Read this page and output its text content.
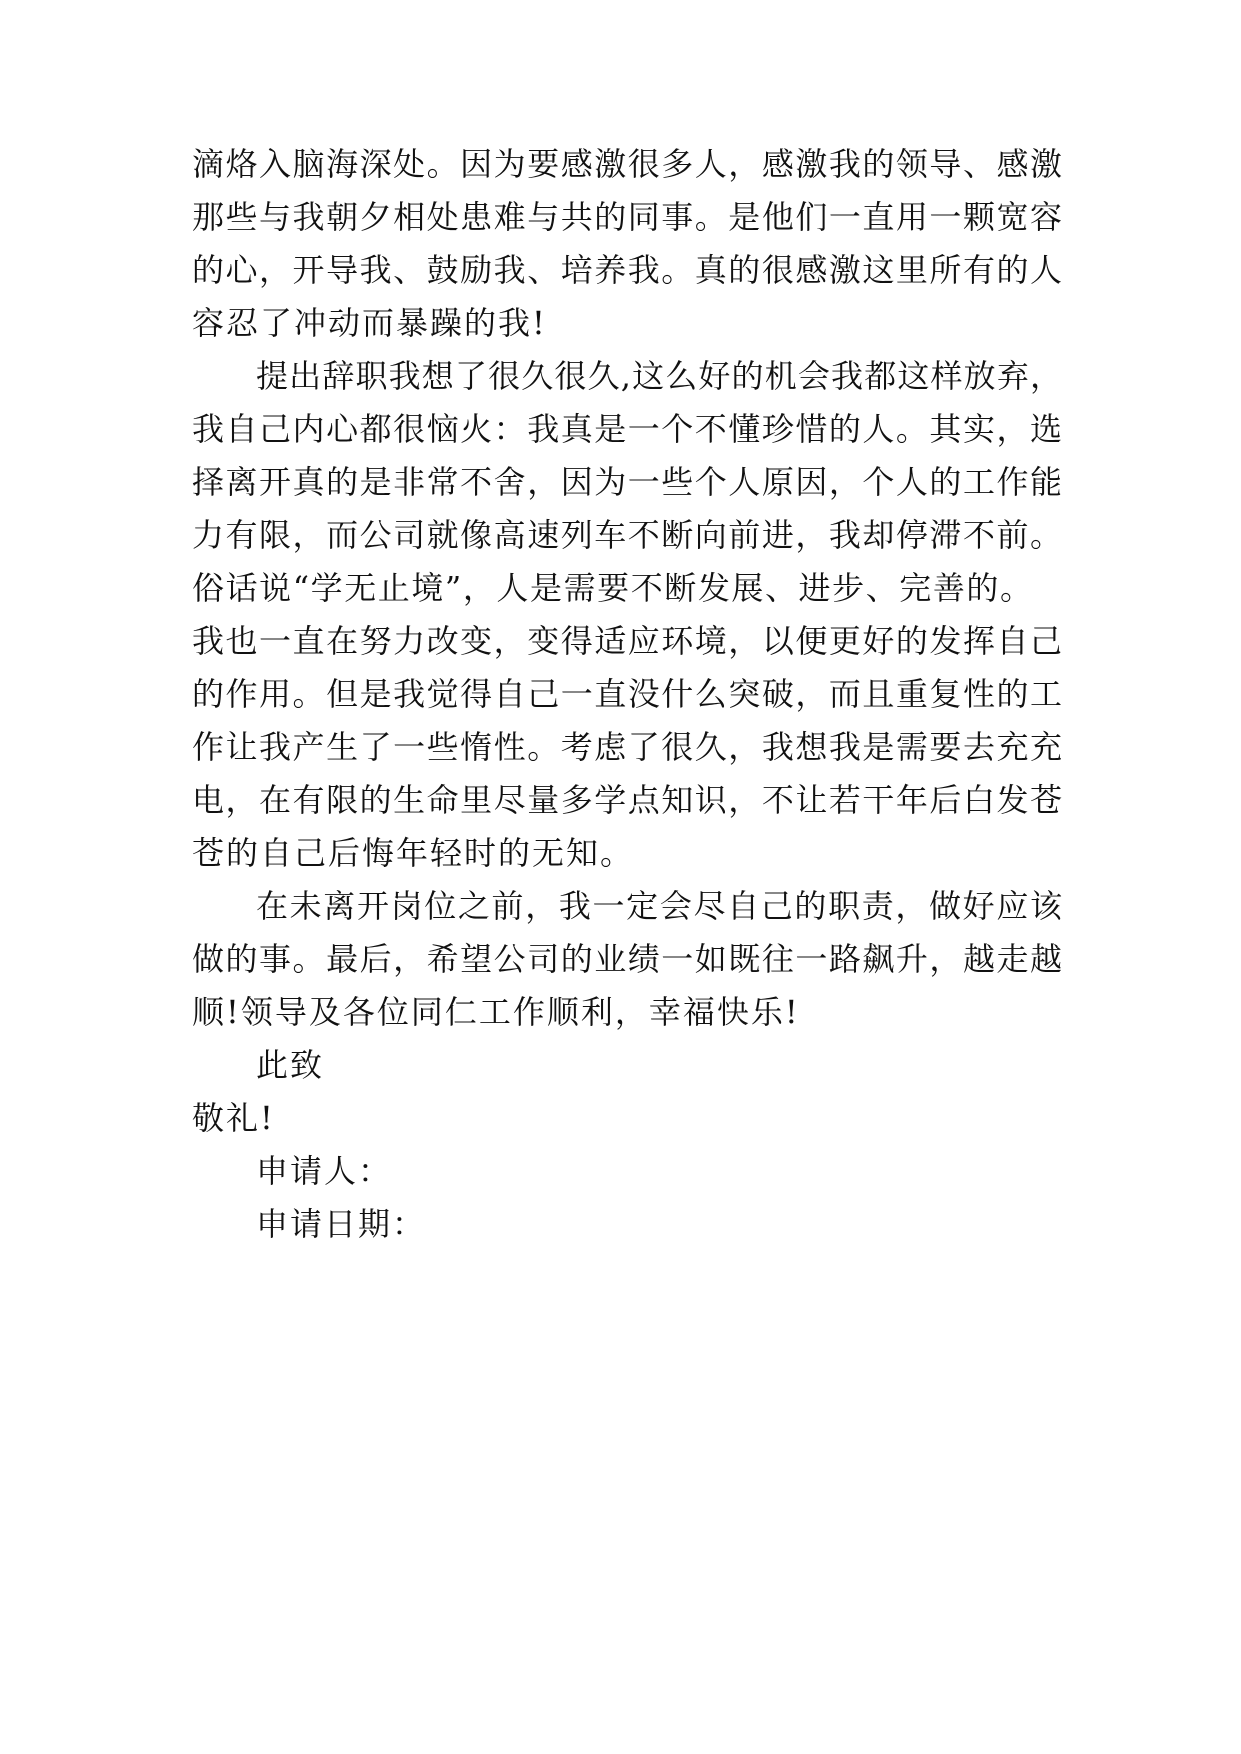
滴烙入脑海深处。因为要感激很多人，感激我的领导、感激
那些与我朝夕相处患难与共的同事。是他们一直用一颗宽容
的心，开导我、鼓励我、培养我。真的很感激这里所有的人
容忍了冲动而暴躁的我!
提出辞职我想了很久很久,这么好的机会我都这样放弃，
我自己内心都很恼火：我真是一个不懂珍惜的人。其实，选
择离开真的是非常不舍，因为一些个人原因，个人的工作能
力有限，而公司就像高速列车不断向前进，我却停滞不前。
俗话说“学无止境”，人是需要不断发展、进步、完善的。
我也一直在努力改变，变得适应环境，以便更好的发挥自己
的作用。但是我觉得自己一直没什么突破，而且重复性的工
作让我产生了一些惰性。考虑了很久，我想我是需要去充充
电，在有限的生命里尽量多学点知识，不让若干年后白发苍
苍的自己后悔年轻时的无知。
在未离开岗位之前，我一定会尽自己的职责，做好应该
做的事。最后，希望公司的业绩一如既往一路飙升，越走越
顺!领导及各位同仁工作顺利，幸福快乐!
此致
敬礼!
申请人：
申请日期：
